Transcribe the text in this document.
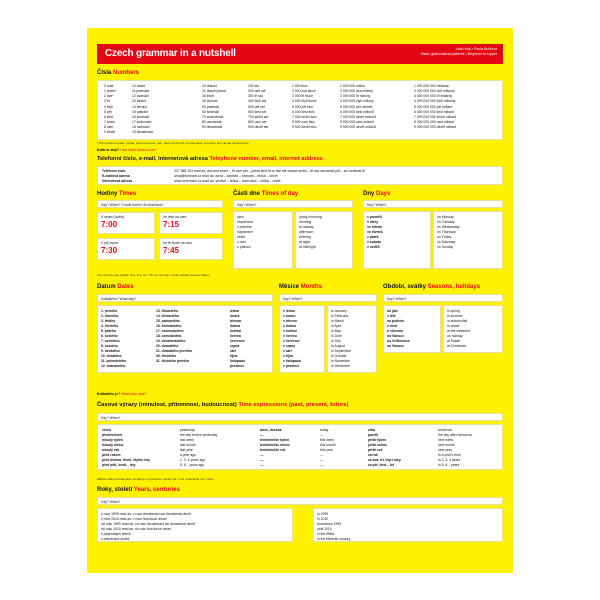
Czech grammar in a nutshell	Lida Holá • Pavla Bořilová
Basic grammatical patterns • Beginner to Upper
Čísla Numbers
0 nula
1 jeden*
2 dva*
3 tři
4 čtyři
5 pět
6 šest
7 sedm
8 osm
9 devět
10 deset
11 jedenáct
12 dvanáct
13 třináct
14 čtrnáct
15 patnáct
16 šestnáct
17 sedmnáct
18 osmnáct
19 devatenáct
20 dvacet
21 dvacet jedna
30 třicet
40 čtyřicet
50 padesát
60 šedesát
70 sedmdesát
80 osmdesát
90 devadesát
100 sto
200 dvě stě
300 tři sta
400 čtyři sta
500 pět set
600 šest set
700 sedm set
800 osm set
900 devět set
1 000 tisíc
2 000 dva tisíce
3 000 tři tisíce
4 000 čtyři tisíce
5 000 pět tisíc
6 000 šest tisíc
7 000 sedm tisíc
8 000 osm tisíc
9 000 devět tisíc
1 000 000 milion
2 000 000 dva miliony
3 000 000 tři miliony
4 000 000 čtyři miliony
5 000 000 pět milionů
6 000 000 šest milionů
7 000 000 sedm milionů
8 000 000 osm milionů
9 000 000 devět milionů
1 000 000 000 miliarda
2 000 000 000 dvě miliardy
3 000 000 000 tři miliardy
4 000 000 000 čtyři miliardy
5 000 000 000 pět miliard
6 000 000 000 šest miliard
7 000 000 000 sedm miliard
8 000 000 000 osm miliard
9 000 000 000 devět miliard
*The numbers jeden, jedna, jedno and dva, dvě, have the forms of masculine, feminine and neuter declensions.
Kolik to stojí? How much does it cost?
Telefonní číslo, e-mail, internetová adresa Telephone number, email, internet address
Telefonní číslo
E-mailová adresa
Internetová adresa
227 385 163 read as: dva dva sedm – tři osm pět – jedna šest tři or dvě stě dvacet sedm – tři sta osmdesát pět – sto šedesát tři
anna@seznam.cz read as: anna – zavináč – seznam – tečka – cézet
www.rezervace.cz read as: vévévé – tečka – rezervace – tečka – cézet
Hodiny Times
Kdy? When? V kolik hodin? At what time?
V sedm (hodin).
7:00
Ve čtvrt na osm.
7:15
V půl osmé.
7:30
Ve tři čtvrtě na osm.
7:45
You can also use „digital“ time. E.g. on 7:15 you can say v sedm patnáct at seven fifteen.
Části dne Times of day
Kdy? When?
ráno
dopoledne
v poledne
odpoledne
večer
v noci
o půlnoci
(early) morning
morning
at midday
afternoon
evening
at night
at midnight
Dny Days
Kdy? When?
v pondělí
v úterý
ve středu
ve čtvrtek
v pátek
v sobotu
v neděli
on Monday
on Tuesday
on Wednesday
on Thursday
on Friday
on Saturday
on Sunday
Datum Dates
Kolikátého? What day?
1. prvního
2. druhého
3. třetího
4. čtvrtého
5. pátého
6. šestého
7. sedmého
8. osmého
9. devátého
10. desátého
11. jedenáctého
12. dvanáctého
13. třináctého
14. čtrnáctého
15. patnáctého
16. šestnáctého
17. sedmnáctého
18. osmnáctého
19. devatenáctého
20. dvacátého
21. dvacátého prvního
30. třicátého
31. třicátého prvního
ledna
února
března
dubna
května
června
července
srpna
září
října
listopadu
prosince
Kolikátého je? What's the date?
Měsíce Months
Kdy? When?
v lednu
v únoru
v březnu
v dubnu
v květnu
v červnu
v červenci
v srpnu
v září
v říjnu
v listopadu
v prosinci
in January
in February
in March
in April
in May
in June
in July
in August
in September
in October
in November
in December
Období, svátky Seasons, holidays
Kdy? When?
na jaře
v létě
na podzim
v zimě
o víkendu
na Vánoce
na Velikonoce
na Vánoce
in spring
in summer
in autumn/fall
in winter
at the weekend
on holiday
at Easter
at Christmas
Časové výrazy (minulost, přítomnost, budoucnost) Time expressions (past, present, future)
Kdy? When?
včera
předevčírem
minulý týden
minulý měsíc
minulý rok
před rokem
před dvěma, třemi, čtyřmi lety
před pěti, šesti... lety
yesterday
the day before yesterday
last week
last month
last year
a year ago
2, 3, 4 years ago
5, 6... years ago
dnes, dneska
—
tento/tenhle týden
tento/tenhle měsíc
tento/tenhle rok
—
—
—
today
—
this week
this month
this year
—
—
—
zítra
pozítří
příští týden
příští měsíc
příští rok
za rok
za dva, tři, čtyři roky
za pět, šest... let
tomorrow
the day after tomorrow
next week
next month
next year
in a year's time
in 2, 3, 4 years
in 5, 6... years
Můžete také používat slovo se stejným významem: minulý rok = loni, tento/tento rok = letos.
Roky, století Years, centuries
Kdy? When?
v roce 1999 read as: v roce devatenáct set devadesát devět
v roce 2010 read as: v roce dva tisíce deset
od roku 1999 read as: od roku devatenáct set devadesát devět
do roku 2010 read as: do roku dva tisíce deset
v padesátých letech
v patnáctém století
in 1999
in 2010
from/since 1999
until 2010
in the fifties
in the fifteenth century
